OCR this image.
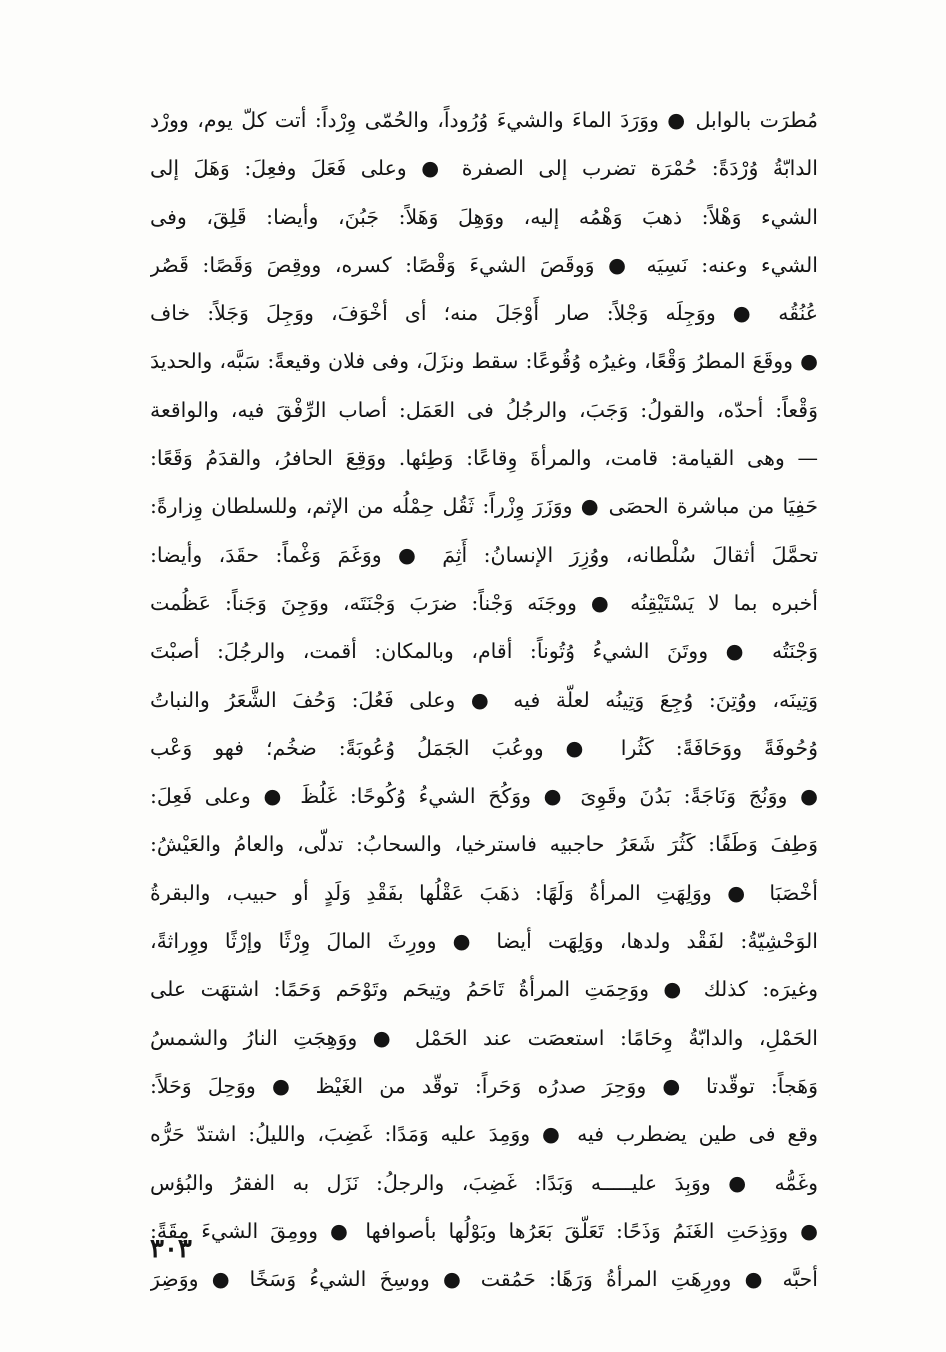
مُطرَت بالوابل ● ووَرَدَ الماءَ والشيءَ وُرُوداً، والحُمّى وِرْداً: أتت كلّ يوم، وورْد
الدابّةُ وُرْدَةً: حُمْرَة تضرب إلى الصفرة ● وعلى فَعَلَ وفعِلَ: وَهَلَ إلى
الشيء وَهْلاً: ذهبَ وَهْمُه إليه، ووَهِلَ وَهَلاً: جَبُنَ، وأيضا: قَلِقَ، وفى
الشيء وعنه: نَسِيَه ● وَوقَصَ الشيءَ وَقْصًا: كسره، ووقِصَ وَقَصًا: قَصُر
عُنُقُه ● ووَجِلَه وَجْلاً: صار أَوْجَلَ منه؛ أى أخْوَفَ، ووَجِلَ وَجَلاً: خاف
● ووقَعَ المطرُ وَقْعًا، وغيرُه وُقُوعًا: سقط ونزَلَ، وفى فلان وقيعةً: سَبَّه، والحديدَ
وَقْعاً: أحدّه، والقولُ: وَجَبَ، والرجُلُ فى العَمَل: أصاب الرِّفْقَ فيه، والواقعة
— وهى القيامة: قامت، والمرأةَ وِقاعًا: وَطِئها. ووَقِعَ الحافرُ، والقدَمُ وَقَعًا:
حَفِيَا من مباشرة الحصَى ● ووَزَرَ وِزْراً: ثَقُل حِمْلُه من الإثم، وللسلطان وِزارةً:
تحمَّلَ أثقالَ سُلْطانه، ووُزِرَ الإنسانُ: أَثِمَ ● ووَغَمَ وَغْماً: حقَدَ، وأيضا:
أخبره بما لا يَسْتَيْقِنُه ● ووجَنَه وَجْناً: ضرَبَ وَجْنَتَه، ووَجِنَ وَجَناً: عَظُمت
وَجْنَتُه ● ووتَنَ الشيءُ وُتُوناً: أقام، وبالمكان: أقمت، والرجُلَ: أصبْتَ
وَتِينَه، ووُتِنَ: وُجِعَ وَتِينُه لعلّة فيه ● وعلى فَعُلَ: وَحُفَ الشَّعَرُ والنباتُ
وُحُوفَةً ووَحَافَةً: كَثُرا ● ووعُبَ الجَمَلُ وُعُوبَةً: ضخُم؛ فهو وَعْب
● ووَنُجَ وَنَاجَةً: بَدُنَ وقَوِىَ ● ووَكُحَ الشيءُ وُكُوحًا: غَلُظَ ● وعلى فَعِلَ:
وَطِفَ وَطَفًا: كَثُرَ شَعَرُ حاجبيه فاسترخيا، والسحابُ: تدلّى، والعامُ والعَيْشُ:
أخْصَبَا ● ووَلِهَتِ المرأةُ وَلَهًا: ذهَبَ عَقْلُها بفَقْدِ وَلَدٍ أو حبيب، والبقرةُ
الوَحْشِيّةُ: لفَقْد ولدها، ووَلِهَت أيضا ● وورِثَ المالَ وِرْثًا وإرْثًا ووِراثةً،
وغيرَه: كذلك ● ووَحِمَتِ المرأةُ تَاحَمُ وتِيحَم وتَوْحَم وَحَمًا: اشتهَت على
الحَمْلِ، والدابّةُ وِحَامًا: استعصَت عند الحَمْل ● ووَهِجَتِ النارُ والشمسُ
وَهَجاً: توقّدتا ● ووَحِرَ صدرُه وَحَراً: توقّد من الغَيْظ ● ووَحِلَ وَحَلاً:
وقع فى طين يضطرب فيه ● ووَمِدَ عليه وَمَدًا: غَضِبَ، والليلُ: اشتدّ حَرُّه
وغَمُّه ● ووَبِدَ عليـــــه وَبَدًا: غَضِبَ، والرجلُ: نَزَل به الفقرُ والبُؤس
● ووَذِحَتِ الغَنَمُ وَذَحًا: تَعَلّقَ بَعَرُها وبَوْلُها بأصوافها ● وومِقَ الشيءَ مِقَةً:
أحبَّه ● وورِهَتِ المرأةُ وَرَهًا: حَمُقت ● ووسِخَ الشيءُ وَسَخًا ● ووَضِرَ
٣٠٣
